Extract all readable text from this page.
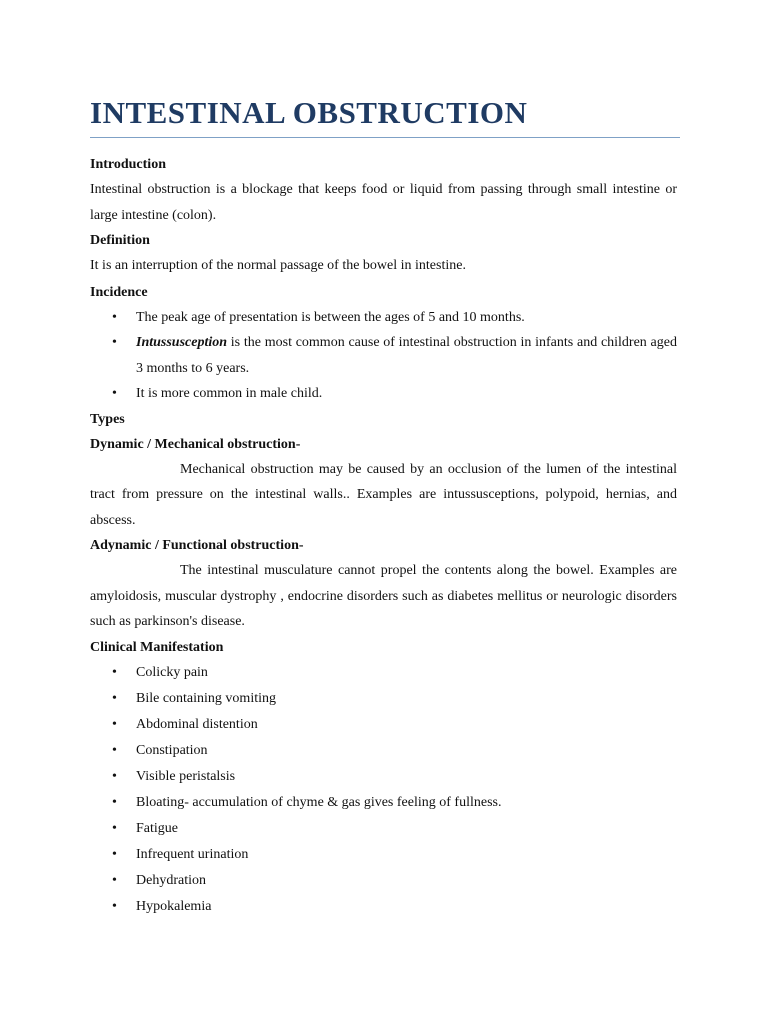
INTESTINAL OBSTRUCTION

Introduction

Intestinal obstruction is a blockage that keeps food or liquid from passing through small intestine or large intestine (colon).

Definition

It is an interruption of the normal passage of the bowel in intestine.

Incidence

• The peak age of presentation is between the ages of 5 and 10 months.
• Intussusception is the most common cause of intestinal obstruction in infants and children aged 3 months to 6 years.
• It is more common in male child.

Types

Dynamic / Mechanical obstruction-

Mechanical obstruction may be caused by an occlusion of the lumen of the intestinal tract from pressure on the intestinal walls.. Examples are intussusceptions, polypoid, hernias, and abscess.

Adynamic / Functional obstruction-

The intestinal musculature cannot propel the contents along the bowel. Examples are amyloidosis, muscular dystrophy , endocrine disorders such as diabetes mellitus or neurologic disorders such as parkinson's disease.

Clinical Manifestation

• Colicky pain
• Bile containing vomiting
• Abdominal distention
• Constipation
• Visible peristalsis
• Bloating- accumulation of chyme & gas gives feeling of fullness.
• Fatigue
• Infrequent urination
• Dehydration
• Hypokalemia
